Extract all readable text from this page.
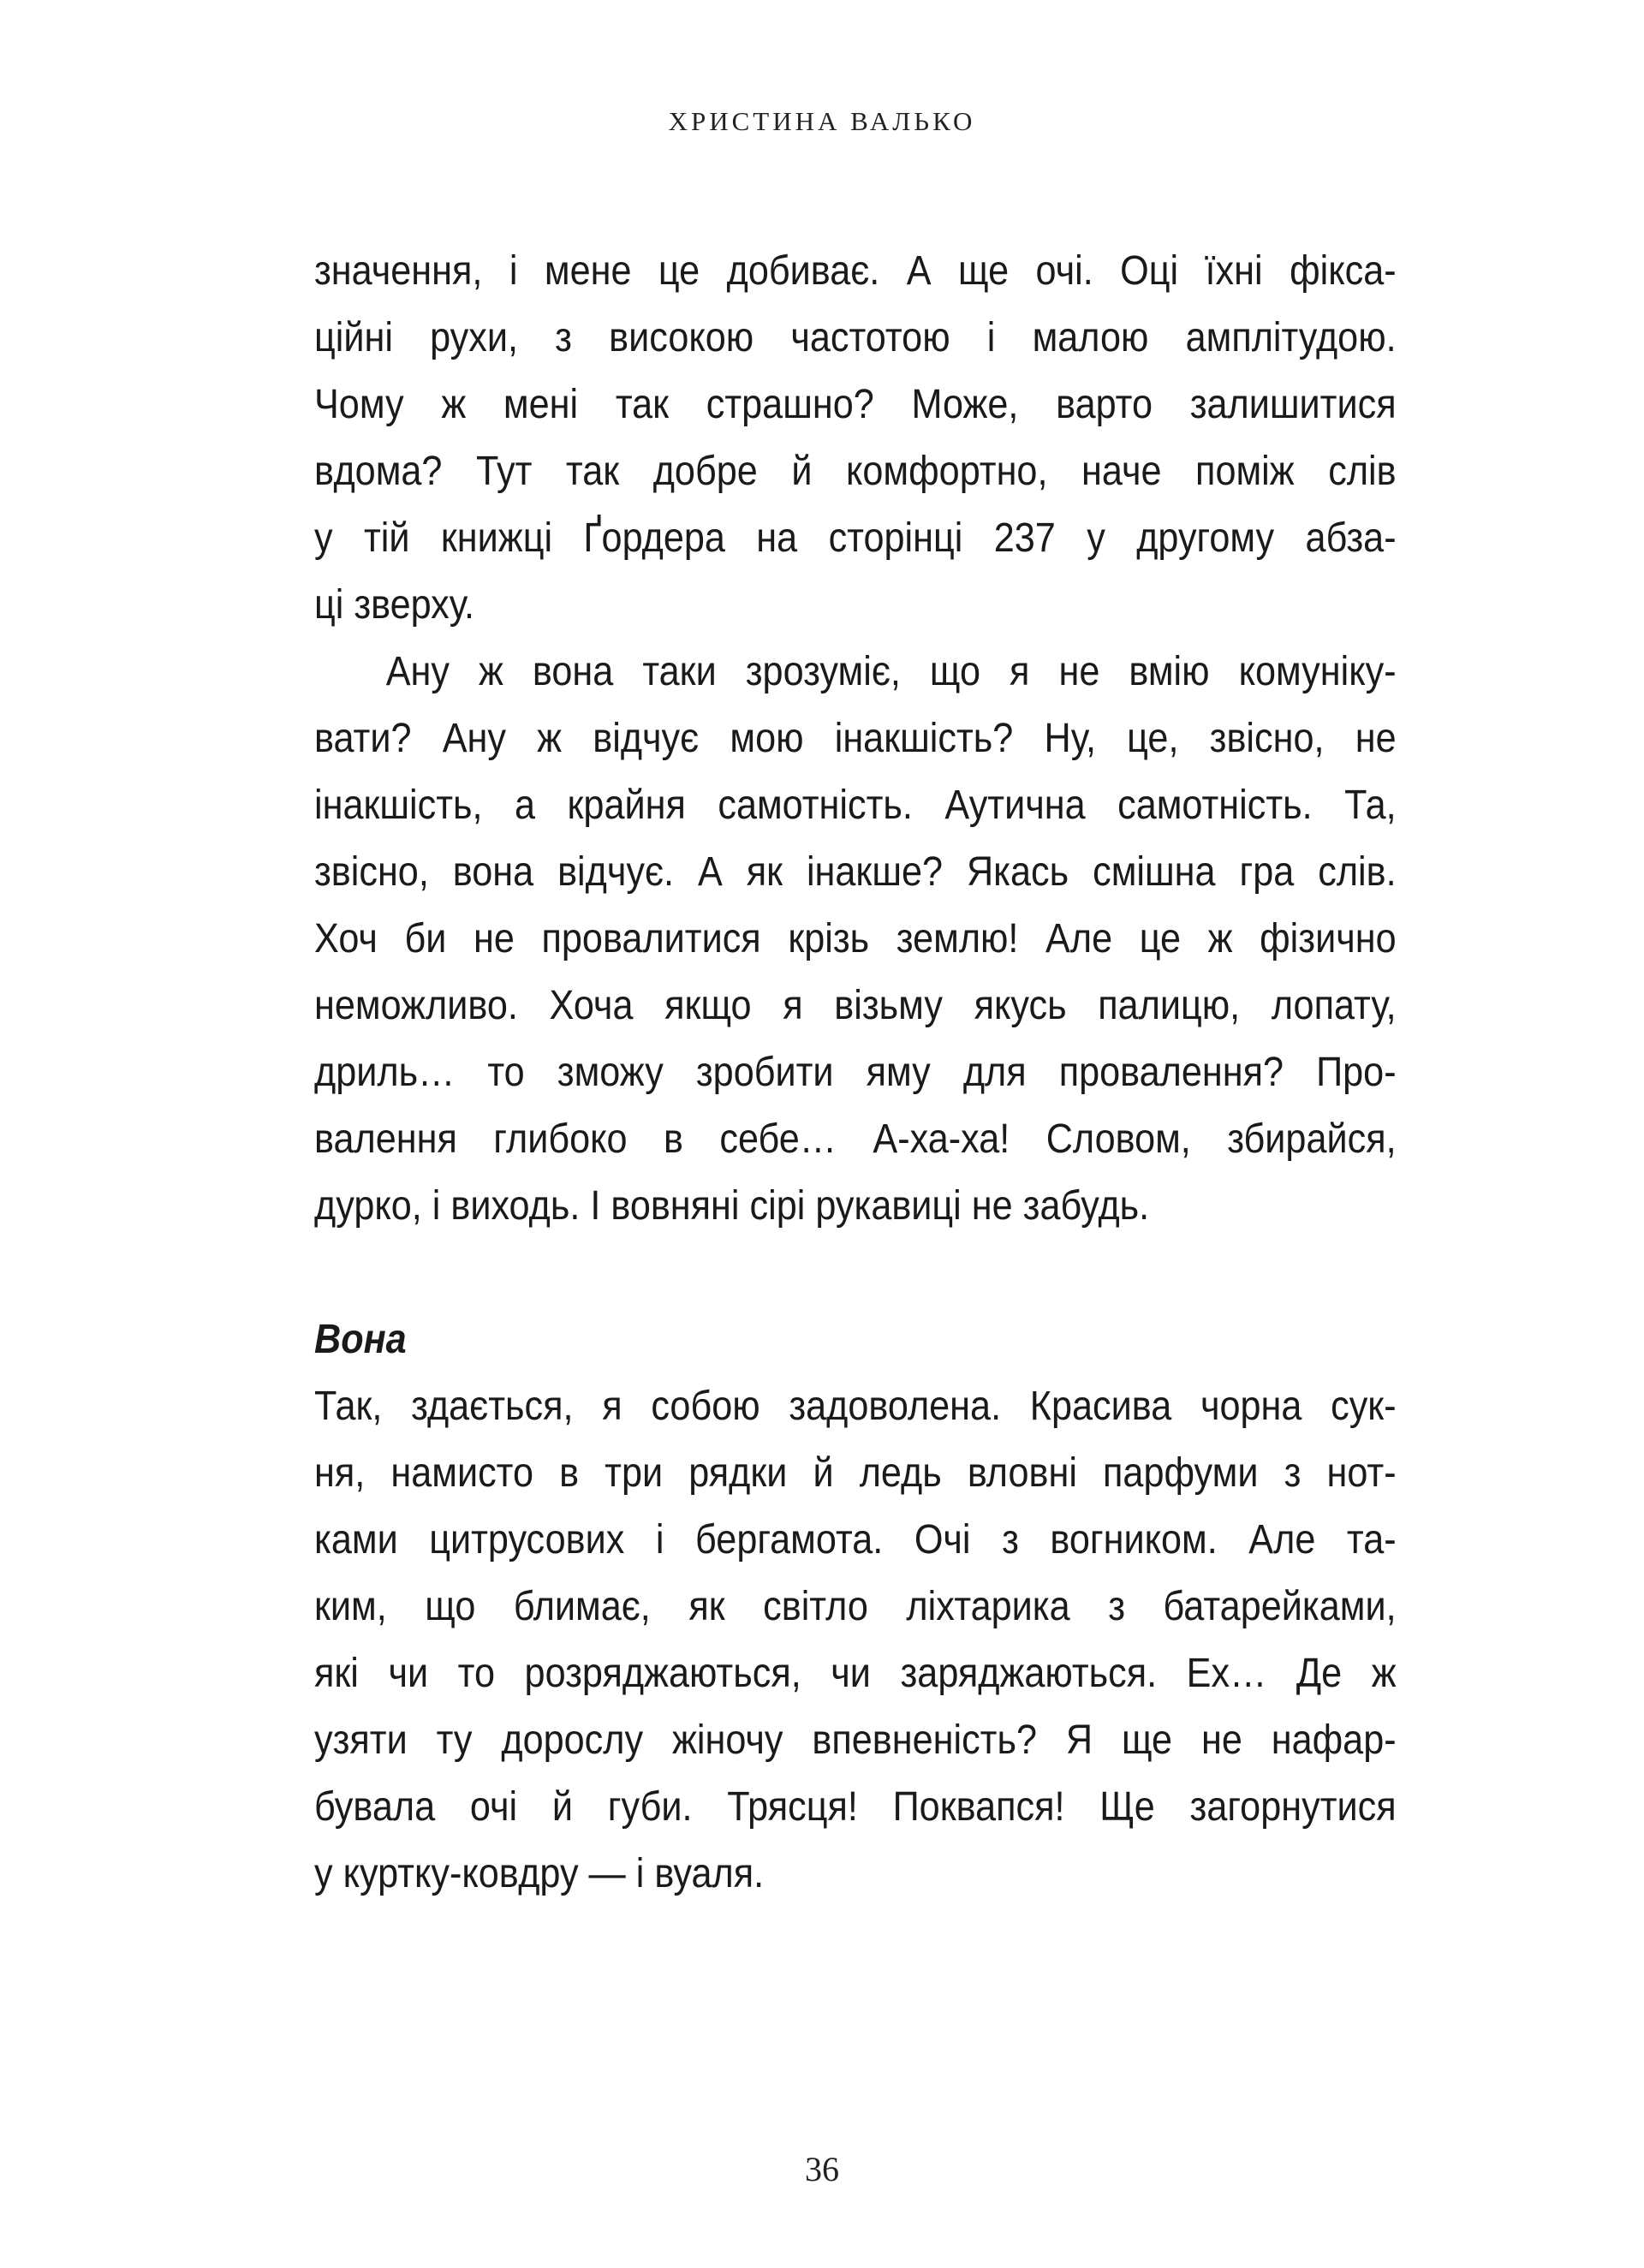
ХРИСТИНА ВАЛЬКО
значення, і мене це добиває. А ще очі. Оці їхні фікса-
ційні рухи, з високою частотою і малою амплітудою.
Чому ж мені так страшно? Може, варто залишитися
вдома? Тут так добре й комфортно, наче поміж слів
у тій книжці Ґордера на сторінці 237 у другому абза-
ці зверху.
Ану ж вона таки зрозуміє, що я не вмію комуніку-
вати? Ану ж відчує мою інакшість? Ну, це, звісно, не
інакшість, а крайня самотність. Аутична самотність. Та,
звісно, вона відчує. А як інакше? Якась смішна гра слів.
Хоч би не провалитися крізь землю! Але це ж фізично
неможливо. Хоча якщо я візьму якусь палицю, лопату,
дриль… то зможу зробити яму для провалення? Про-
валення глибоко в себе… А-ха-ха! Словом, збирайся,
дурко, і виходь. І вовняні сірі рукавиці не забудь.
Вона
Так, здається, я собою задоволена. Красива чорна сук-
ня, намисто в три рядки й ледь вловні парфуми з нот-
ками цитрусових і бергамота. Очі з вогником. Але та-
ким, що блимає, як світло ліхтарика з батарейками,
які чи то розряджаються, чи заряджаються. Ех… Де ж
узяти ту дорослу жіночу впевненість? Я ще не нафар-
бувала очі й губи. Трясця! Поквапся! Ще загорнутися
у куртку-ковдру — і вуаля.
36
